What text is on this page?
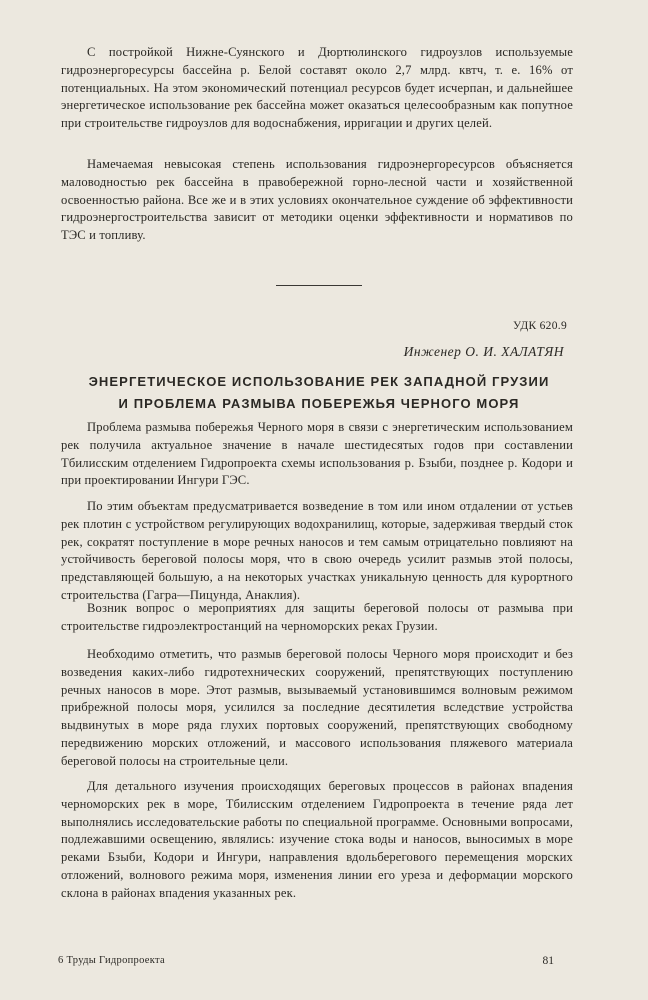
С постройкой Нижне-Суянского и Дюртюлинского гидроузлов используемые гидроэнергоресурсы бассейна р. Белой составят около 2,7 млрд. квтч, т. е. 16% от потенциальных. На этом экономический потенциал ресурсов будет исчерпан, и дальнейшее энергетическое использование рек бассейна может оказаться целесообразным как попутное при строительстве гидроузлов для водоснабжения, ирригации и других целей.

Намечаемая невысокая степень использования гидроэнергоресурсов объясняется маловодностью рек бассейна в правобережной горно-лесной части и хозяйственной освоенностью района. Все же и в этих условиях окончательное суждение об эффективности гидроэнергостроительства зависит от методики оценки эффективности и нормативов по ТЭС и топливу.

УДК 620.9
Инженер О. И. ХАЛАТЯН
ЭНЕРГЕТИЧЕСКОЕ ИСПОЛЬЗОВАНИЕ РЕК ЗАПАДНОЙ ГРУЗИИ
И ПРОБЛЕМА РАЗМЫВА ПОБЕРЕЖЬЯ ЧЕРНОГО МОРЯ

Проблема размыва побережья Черного моря в связи с энергетическим использованием рек получила актуальное значение в начале шестидесятых годов при составлении Тбилисским отделением Гидропроекта схемы использования р. Бзыби, позднее р. Кодори и при проектировании Ингури ГЭС.

По этим объектам предусматривается возведение в том или ином отдалении от устьев рек плотин с устройством регулирующих водохранилищ, которые, задерживая твердый сток рек, сократят поступление в море речных наносов и тем самым отрицательно повлияют на устойчивость береговой полосы моря, что в свою очередь усилит размыв этой полосы, представляющей большую, а на некоторых участках уникальную ценность для курортного строительства (Гагра—Пицунда, Анаклия).

Возник вопрос о мероприятиях для защиты береговой полосы от размыва при строительстве гидроэлектростанций на черноморских реках Грузии.

Необходимо отметить, что размыв береговой полосы Черного моря происходит и без возведения каких-либо гидротехнических сооружений, препятствующих поступлению речных наносов в море. Этот размыв, вызываемый установившимся волновым режимом прибрежной полосы моря, усилился за последние десятилетия вследствие устройства выдвинутых в море ряда глухих портовых сооружений, препятствующих свободному передвижению морских отложений, и массового использования пляжевого материала береговой полосы на строительные цели.

Для детального изучения происходящих береговых процессов в районах впадения черноморских рек в море, Тбилисским отделением Гидропроекта в течение ряда лет выполнялись исследовательские работы по специальной программе. Основными вопросами, подлежавшими освещению, являлись: изучение стока воды и наносов, выносимых в море реками Бзыби, Кодори и Ингури, направления вдольберегового перемещения морских отложений, волнового режима моря, изменения линии его уреза и деформации морского склона в районах впадения указанных рек.

6 Труды Гидропроекта	81
